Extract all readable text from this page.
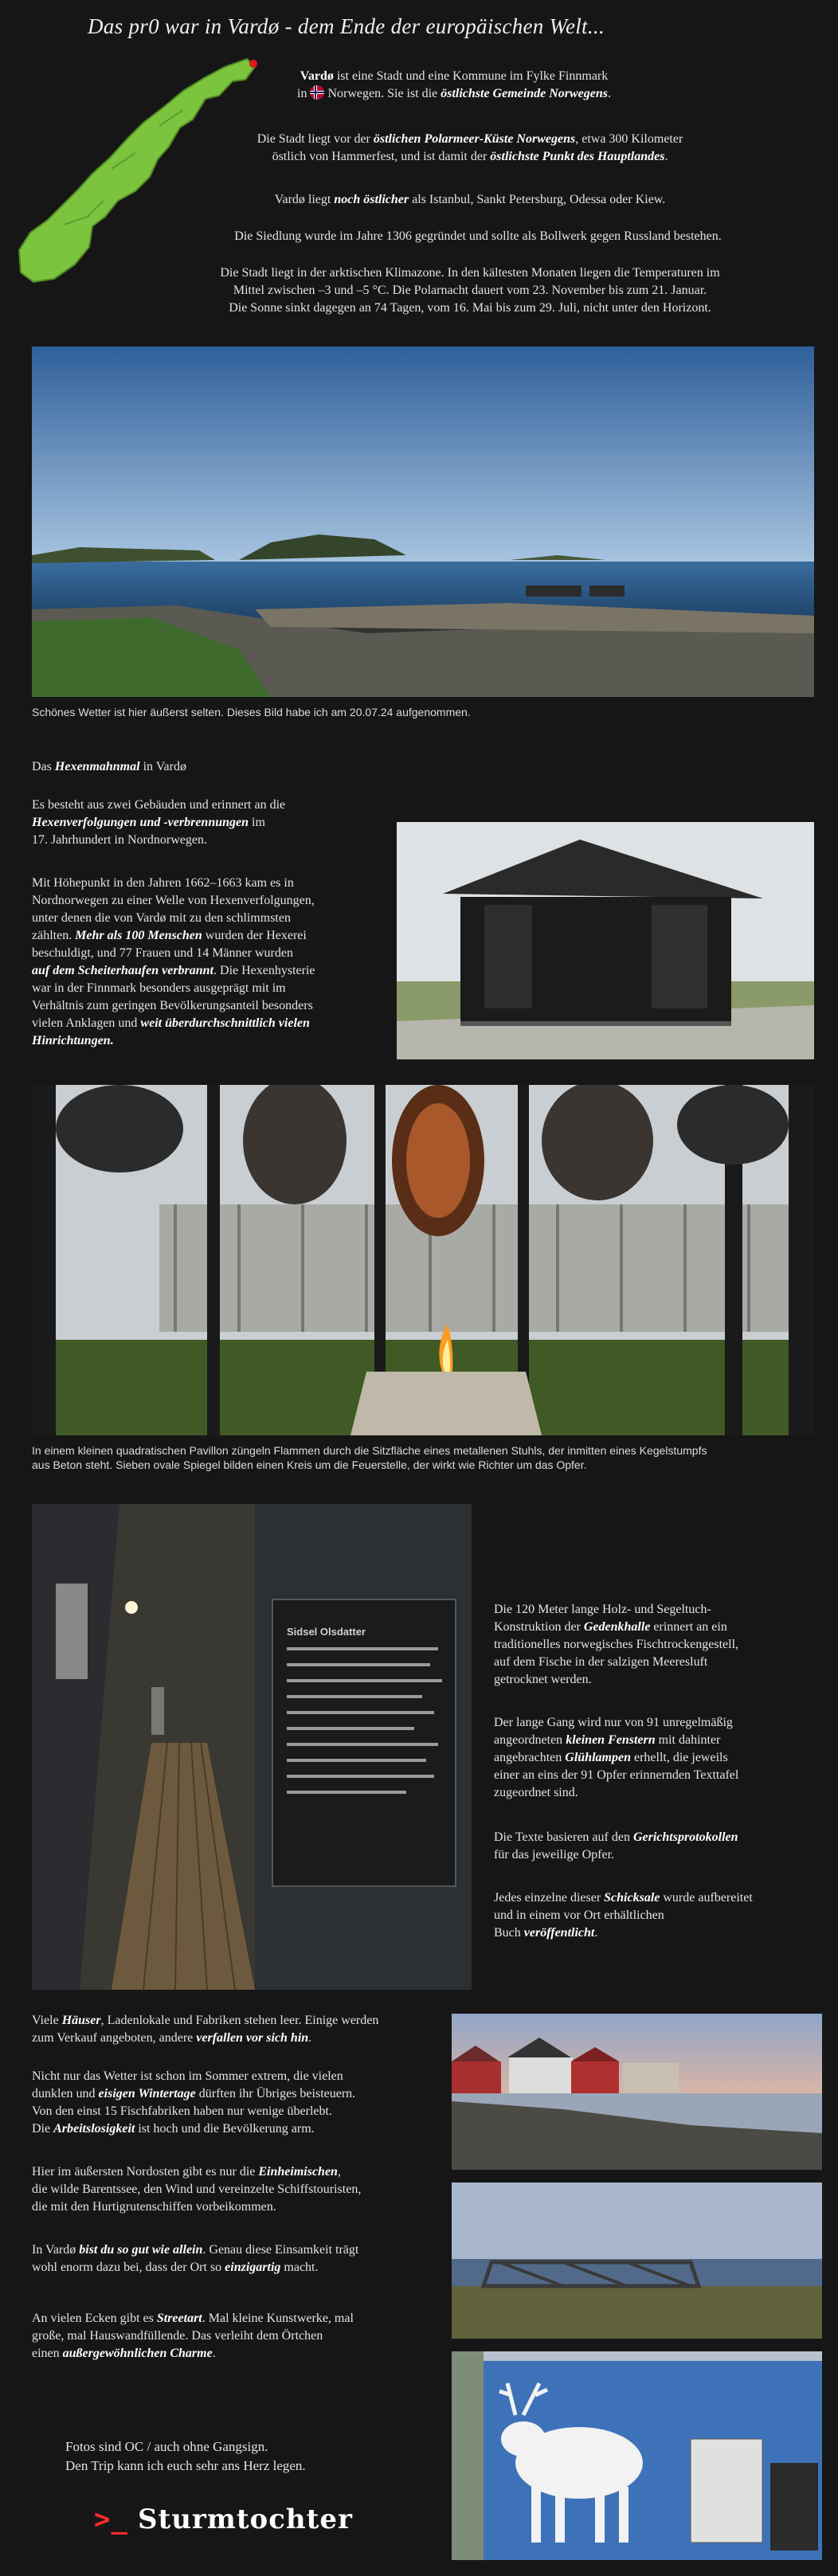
Das pr0 war in Vardø - dem Ende der europäischen Welt...
Vardø ist eine Stadt und eine Kommune im Fylke Finnmark
in
Norwegen. Sie ist die östlichste Gemeinde Norwegens.
Die Stadt liegt vor der östlichen Polarmeer-Küste Norwegens, etwa 300 Kilometer
östlich von Hammerfest, und ist damit der östlichste Punkt des Hauptlandes.
Vardø liegt noch östlicher als Istanbul, Sankt Petersburg, Odessa oder Kiew.
Die Siedlung wurde im Jahre 1306 gegründet und sollte als Bollwerk gegen Russland bestehen.
Die Stadt liegt in der arktischen Klimazone. In den kältesten Monaten liegen die Temperaturen im
Mittel zwischen –3 und –5 °C. Die Polarnacht dauert vom 23. November bis zum 21. Januar.
Die Sonne sinkt dagegen an 74 Tagen, vom 16. Mai bis zum 29. Juli, nicht unter den Horizont.
Schönes Wetter ist hier äußerst selten. Dieses Bild habe ich am 20.07.24 aufgenommen.
Das Hexenmahnmal in Vardø
Es besteht aus zwei Gebäuden und erinnert an die
Hexenverfolgungen und -verbrennungen im
17. Jahrhundert in Nordnorwegen.
Mit Höhepunkt in den Jahren 1662–1663 kam es in
Nordnorwegen zu einer Welle von Hexenverfolgungen,
unter denen die von Vardø mit zu den schlimmsten
zählten. Mehr als 100 Menschen wurden der Hexerei
beschuldigt, und 77 Frauen und 14 Männer wurden
auf dem Scheiterhaufen verbrannt. Die Hexenhysterie
war in der Finnmark besonders ausgeprägt mit im
Verhältnis zum geringen Bevölkerungsanteil besonders
vielen Anklagen und weit überdurchschnittlich vielen
Hinrichtungen.
In einem kleinen quadratischen Pavillon züngeln Flammen durch die Sitzfläche eines metallenen Stuhls, der inmitten eines Kegelstumpfs
aus Beton steht. Sieben ovale Spiegel bilden einen Kreis um die Feuerstelle, der wirkt wie Richter um das Opfer.
Sidsel Olsdatter
Die 120 Meter lange Holz- und Segeltuch-
Konstruktion der Gedenkhalle erinnert an ein
traditionelles norwegisches Fischtrockengestell,
auf dem Fische in der salzigen Meeresluft
getrocknet werden.
Der lange Gang wird nur von 91 unregelmäßig
angeordneten kleinen Fenstern mit dahinter
angebrachten Glühlampen erhellt, die jeweils
einer an eins der 91 Opfer erinnernden Texttafel
zugeordnet sind.
Die Texte basieren auf den Gerichtsprotokollen
für das jeweilige Opfer.
Jedes einzelne dieser Schicksale wurde aufbereitet
und in einem vor Ort erhältlichen
Buch veröffentlicht.
Viele Häuser, Ladenlokale und Fabriken stehen leer. Einige werden
zum Verkauf angeboten, andere verfallen vor sich hin.
Nicht nur das Wetter ist schon im Sommer extrem, die vielen
dunklen und eisigen Wintertage dürften ihr Übriges beisteuern.
Von den einst 15 Fischfabriken haben nur wenige überlebt.
Die Arbeitslosigkeit ist hoch und die Bevölkerung arm.
Hier im äußersten Nordosten gibt es nur die Einheimischen,
die wilde Barentssee, den Wind und vereinzelte Schiffstouristen,
die mit den Hurtigrutenschiffen vorbeikommen.
In Vardø bist du so gut wie allein. Genau diese Einsamkeit trägt
wohl enorm dazu bei, dass der Ort so einzigartig macht.
An vielen Ecken gibt es Streetart. Mal kleine Kunstwerke, mal
große, mal Hauswandfüllende. Das verleiht dem Örtchen
einen außergewöhnlichen Charme.
Fotos sind OC / auch ohne Gangsign.
Den Trip kann ich euch sehr ans Herz legen.
>_ Sturmtochter
